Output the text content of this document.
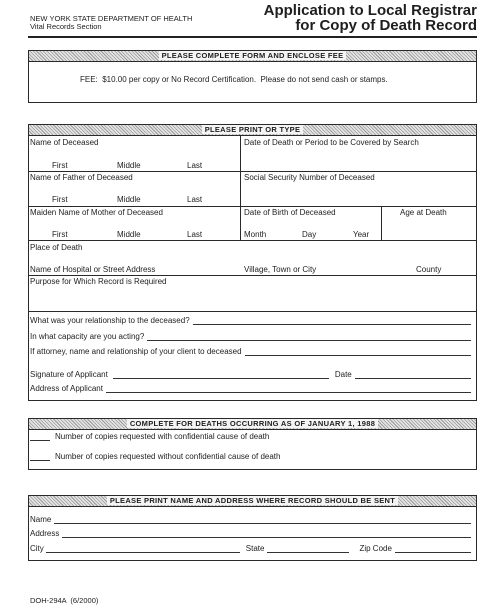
NEW YORK STATE DEPARTMENT OF HEALTH
Vital Records Section
Application to Local Registrar
for Copy of Death Record
PLEASE COMPLETE FORM AND ENCLOSE FEE
FEE:  $10.00 per copy or No Record Certification.  Please do not send cash or stamps.
PLEASE PRINT OR TYPE
Name of Deceased
First	Middle	Last
Date of Death or Period to be Covered by Search
Name of Father of Deceased
First	Middle	Last
Social Security Number of Deceased
Maiden Name of Mother of Deceased
First	Middle	Last
Date of Birth of Deceased
Month	Day	Year
Age at Death
Place of Death
Name of Hospital or Street Address	Village, Town or City	County
Purpose for Which Record is Required
What was your relationship to the deceased?
In what capacity are you acting?
If attorney, name and relationship of your client to deceased
Signature of Applicant	Date
Address of Applicant
COMPLETE FOR DEATHS OCCURRING AS OF JANUARY 1, 1988
Number of copies requested with confidential cause of death
Number of copies requested without confidential cause of death
PLEASE PRINT NAME AND ADDRESS WHERE RECORD SHOULD BE SENT
Name
Address
City	State	Zip Code
DOH-294A  (6/2000)
